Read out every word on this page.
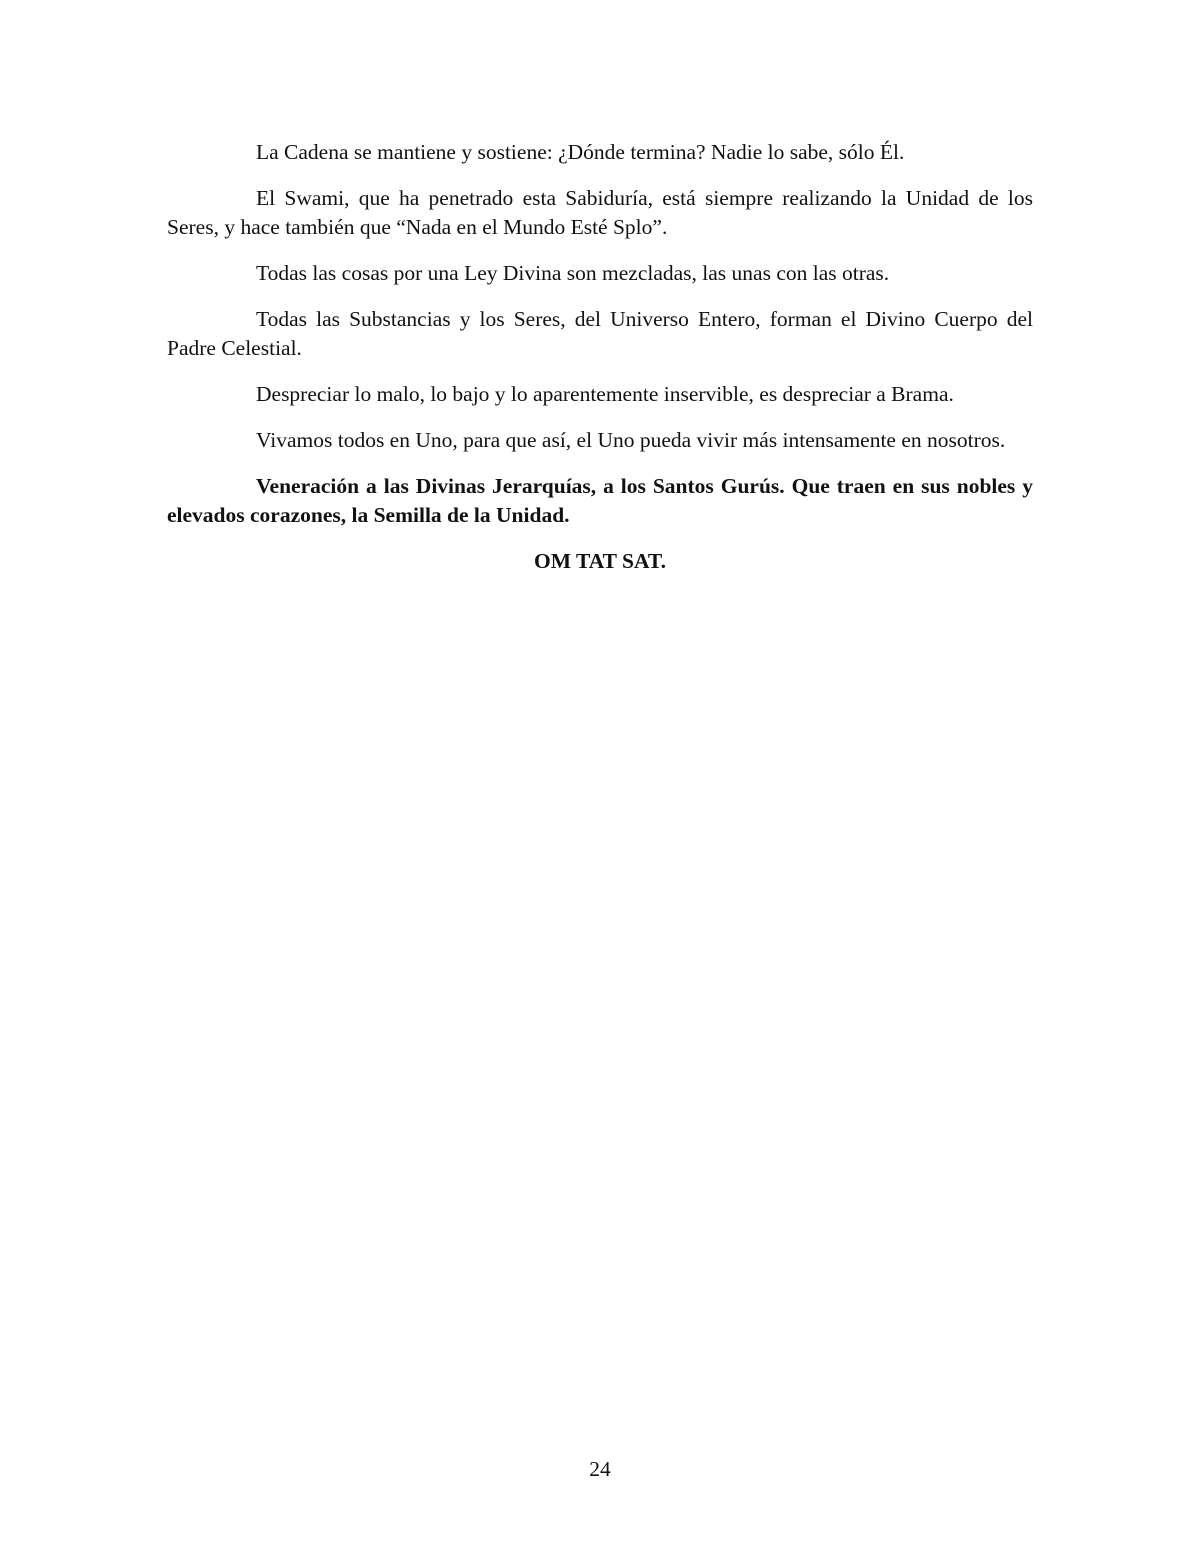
La Cadena se mantiene y sostiene: ¿Dónde termina? Nadie lo sabe, sólo Él.

El Swami, que ha penetrado esta Sabiduría, está siempre realizando la Unidad de los Seres, y hace también que “Nada en el Mundo Esté Splo”.

Todas las cosas por una Ley Divina son mezcladas, las unas con las otras.

Todas las Substancias y los Seres, del Universo Entero, forman el Divino Cuerpo del Padre Celestial.

Despreciar lo malo, lo bajo y lo aparentemente inservible, es despreciar a Brama.

Vivamos todos en Uno, para que así, el Uno pueda vivir más intensamente en nosotros.

Veneración a las Divinas Jerarquías, a los Santos Gurús. Que traen en sus nobles y elevados corazones, la Semilla de la Unidad.

OM TAT SAT.

24
